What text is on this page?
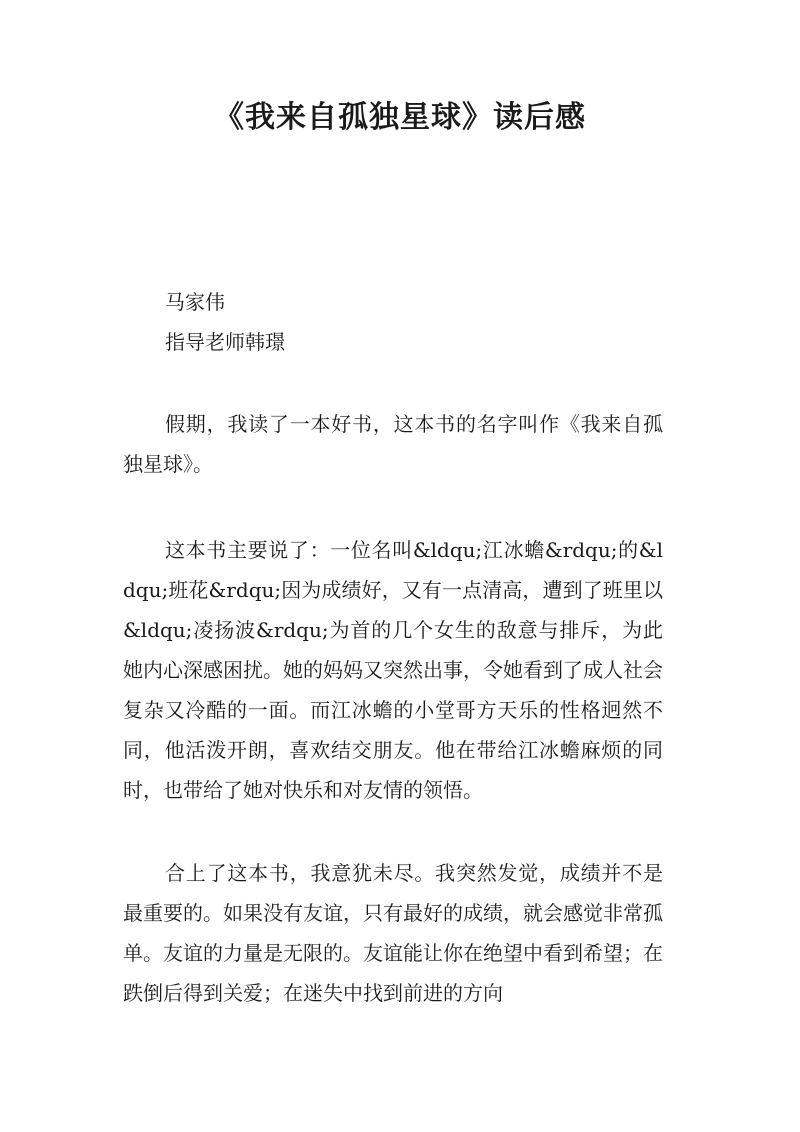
《我来自孤独星球》读后感

马家伟

指导老师韩璟

假期，我读了一本好书，这本书的名字叫作《我来自孤独星球》。

这本书主要说了：一位名叫&ldqu;江冰蟾&rdqu;的&ldqu;班花&rdqu;因为成绩好，又有一点清高，遭到了班里以&ldqu;凌扬波&rdqu;为首的几个女生的敌意与排斥，为此她内心深感困扰。她的妈妈又突然出事，令她看到了成人社会复杂又冷酷的一面。而江冰蟾的小堂哥方天乐的性格迥然不同，他活泼开朗，喜欢结交朋友。他在带给江冰蟾麻烦的同时，也带给了她对快乐和对友情的领悟。

合上了这本书，我意犹未尽。我突然发觉，成绩并不是最重要的。如果没有友谊，只有最好的成绩，就会感觉非常孤单。友谊的力量是无限的。友谊能让你在绝望中看到希望；在跌倒后得到关爱；在迷失中找到前进的方向
